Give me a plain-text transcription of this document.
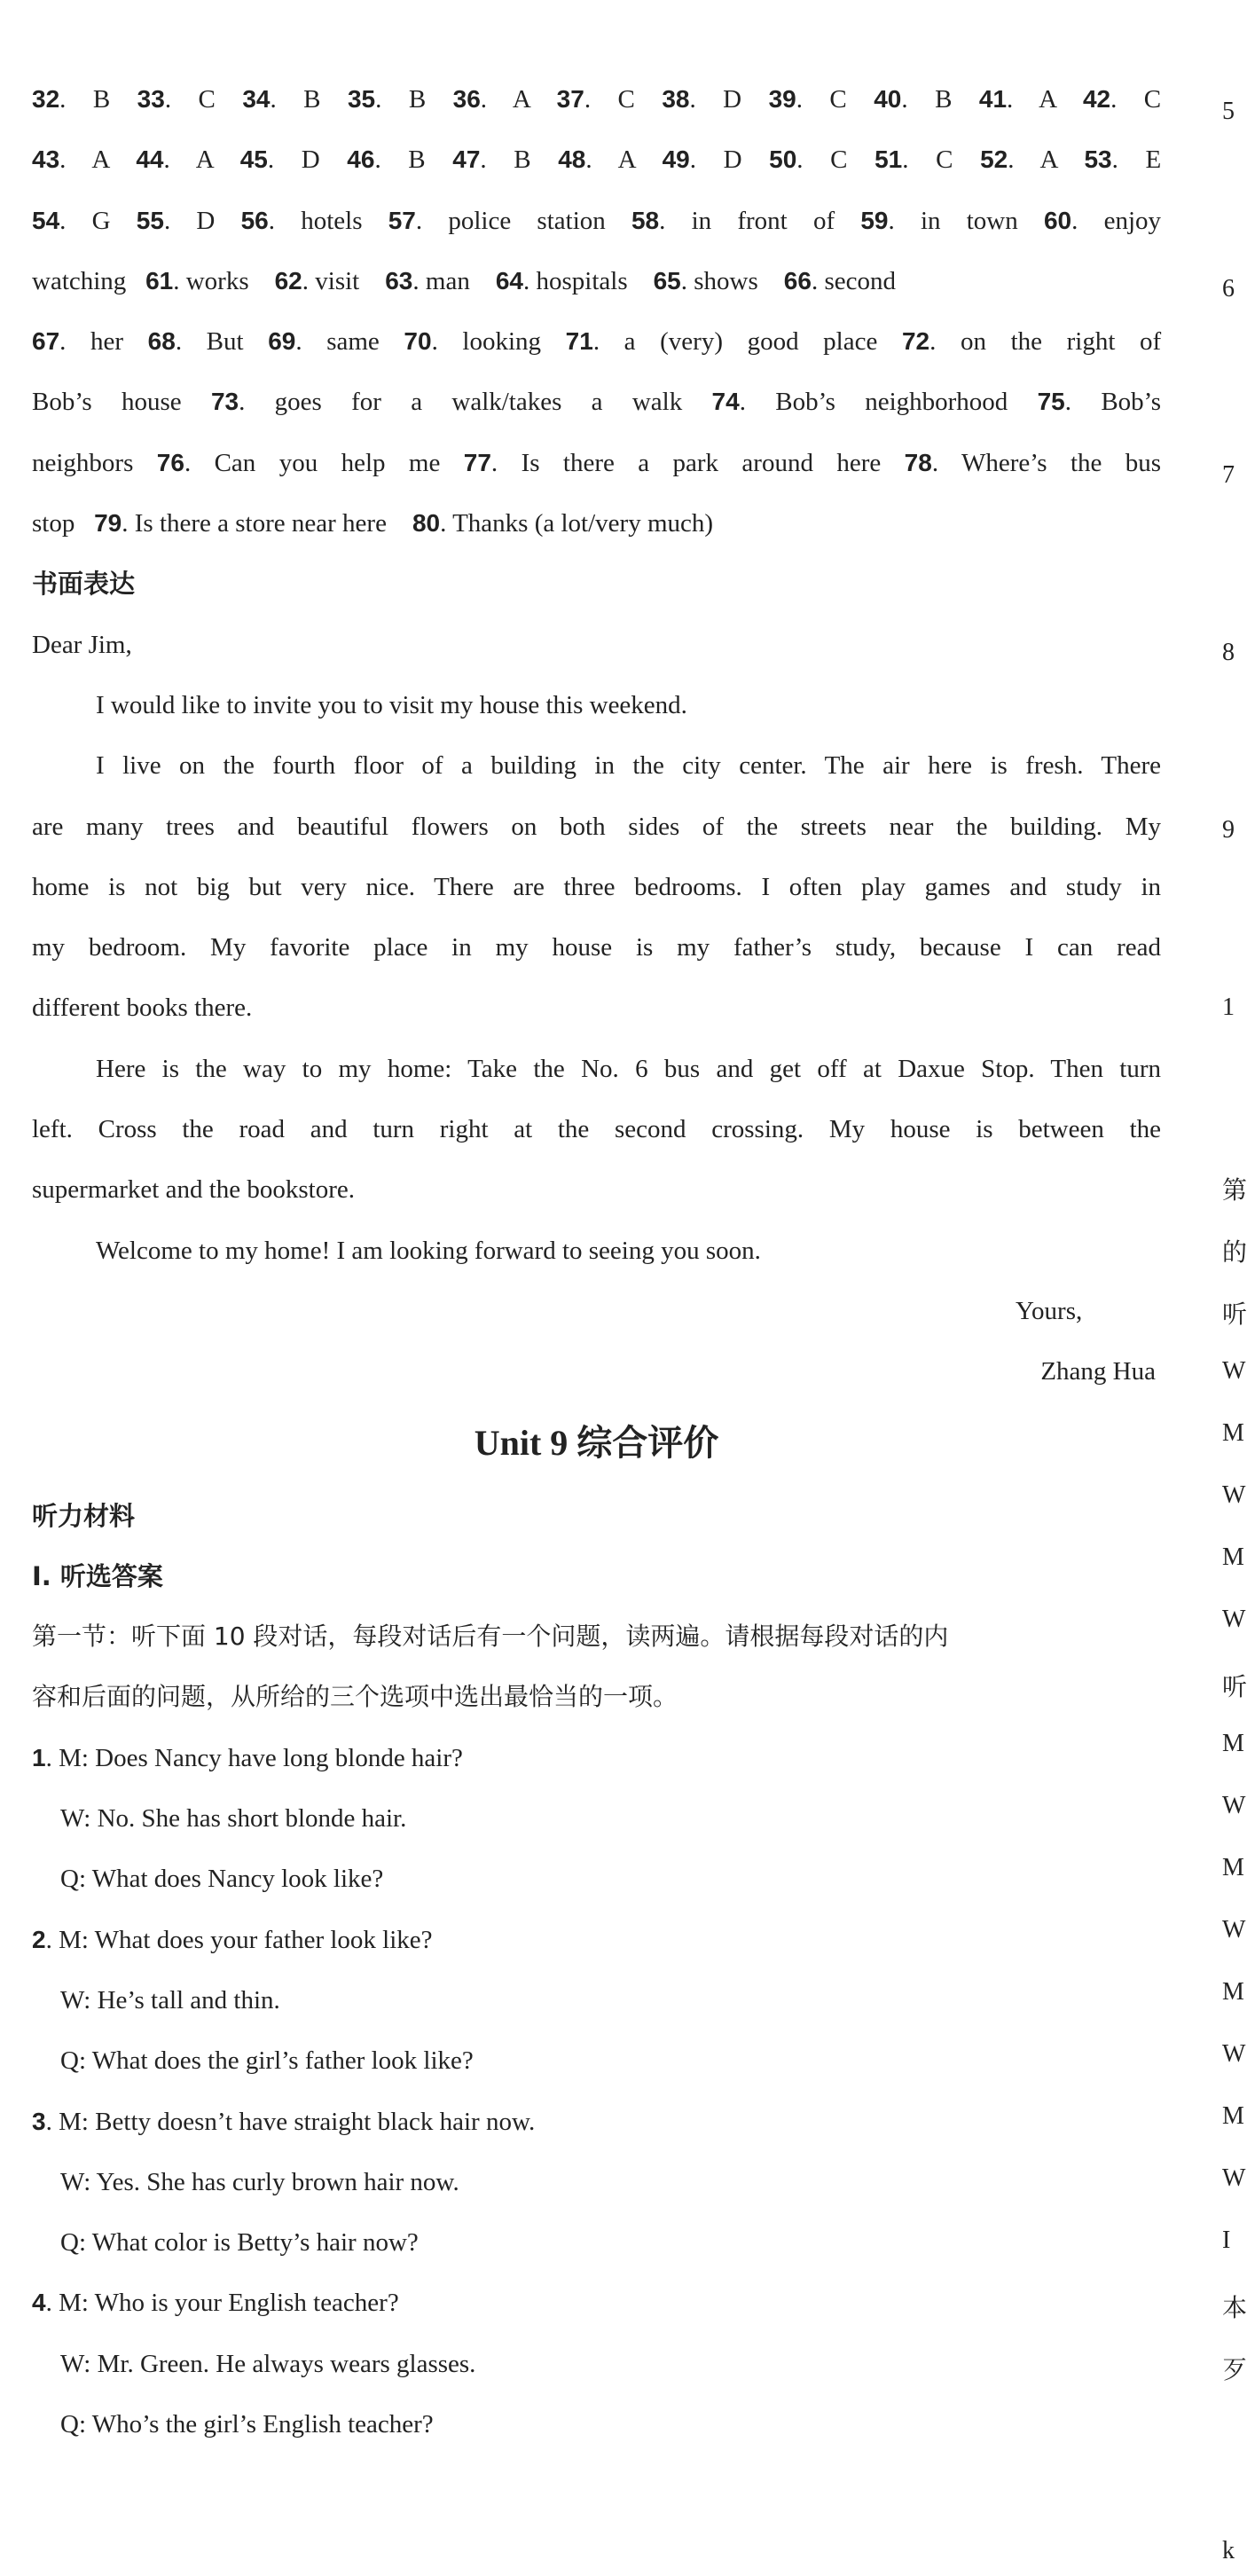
32. B 33. C 34. B 35. B 36. A 37. C 38. D 39. C 40. B 41. A 42. C
43. A 44. A 45. D 46. B 47. B 48. A 49. D 50. C 51. C 52. A 53. E
54. G 55. D 56. hotels 57. police station 58. in front of 59. in town 60. enjoy
watching 61. works 62. visit 63. man 64. hospitals 65. shows 66. second
67. her 68. But 69. same 70. looking 71. a (very) good place 72. on the right of
Bob’s house 73. goes for a walk/takes a walk 74. Bob’s neighborhood 75. Bob’s
neighbors 76. Can you help me 77. Is there a park around here 78. Where’s the bus
stop 79. Is there a store near here 80. Thanks (a lot/very much)
书面表达
Dear Jim,
I would like to invite you to visit my house this weekend.
I live on the fourth floor of a building in the city center. The air here is fresh. There
are many trees and beautiful flowers on both sides of the streets near the building. My
home is not big but very nice. There are three bedrooms. I often play games and study in
my bedroom. My favorite place in my house is my father’s study, because I can read
different books there.
Here is the way to my home: Take the No. 6 bus and get off at Daxue Stop. Then turn
left. Cross the road and turn right at the second crossing. My house is between the
supermarket and the bookstore.
Welcome to my home! I am looking forward to seeing you soon.
Yours,
Zhang Hua
Unit 9 综合评价
听力材料
Ⅰ. 听选答案
第一节：听下面 10 段对话，每段对话后有一个问题，读两遍。请根据每段对话的内
容和后面的问题，从所给的三个选项中选出最恰当的一项。
1. M: Does Nancy have long blonde hair?
W: No. She has short blonde hair.
Q: What does Nancy look like?
2. M: What does your father look like?
W: He’s tall and thin.
Q: What does the girl’s father look like?
3. M: Betty doesn’t have straight black hair now.
W: Yes. She has curly brown hair now.
Q: What color is Betty’s hair now?
4. M: Who is your English teacher?
W: Mr. Green. He always wears glasses.
Q: Who’s the girl’s English teacher?
5
6
7
8
9
1
第
的
听
W
M
W
M
W
听
M
W
M
W
M
W
M
W
I
本
歹
k
